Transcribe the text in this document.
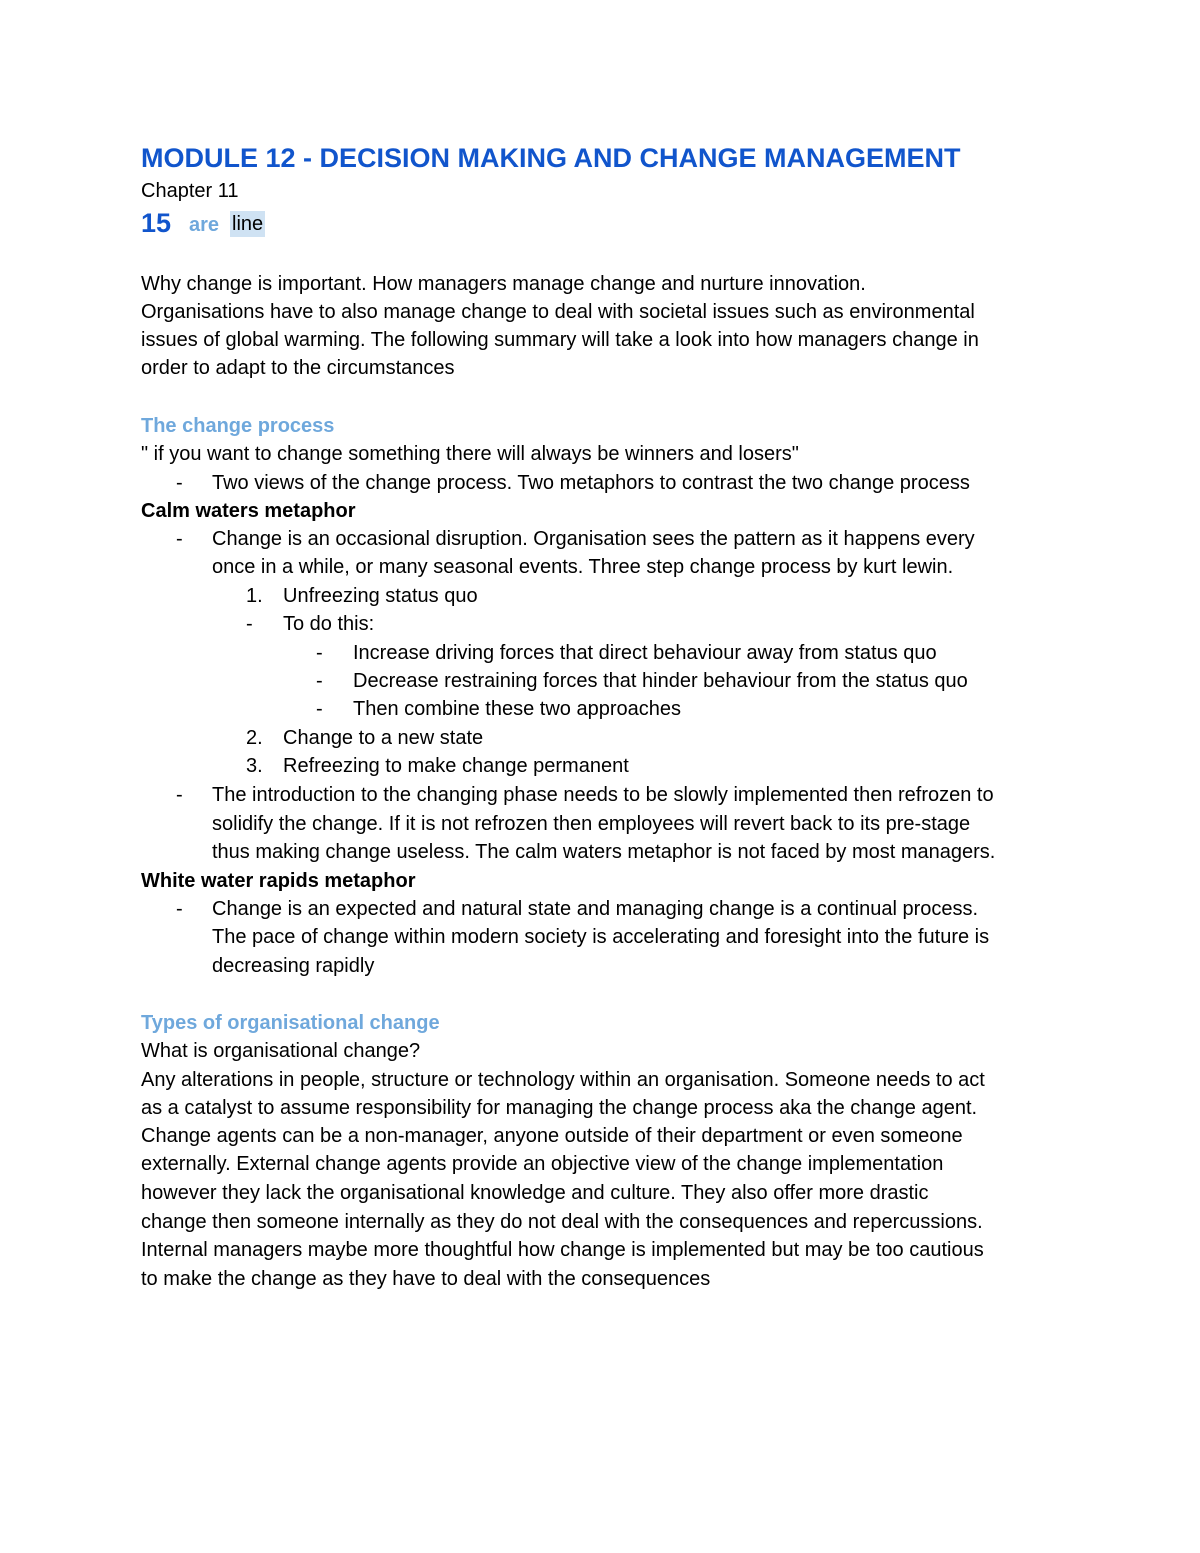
MODULE 12 - DECISION MAKING AND CHANGE MANAGEMENT
Chapter 11
15 are line
Why change is important. How managers manage change and nurture innovation.
Organisations have to also manage change to deal with societal issues such as environmental
issues of global warming. The following summary will take a look into how managers change in
order to adapt to the circumstances
The change process
" if you want to change something there will always be winners and losers"
- Two views of the change process. Two metaphors to contrast the two change process
Calm waters metaphor
- Change is an occasional disruption. Organisation sees the pattern as it happens every
once in a while, or many seasonal events. Three step change process by kurt lewin.
1. Unfreezing status quo
- To do this:
- Increase driving forces that direct behaviour away from status quo
- Decrease restraining forces that hinder behaviour from the status quo
- Then combine these two approaches
2. Change to a new state
3. Refreezing to make change permanent
- The introduction to the changing phase needs to be slowly implemented then refrozen to
solidify the change. If it is not refrozen then employees will revert back to its pre-stage
thus making change useless. The calm waters metaphor is not faced by most managers.
White water rapids metaphor
- Change is an expected and natural state and managing change is a continual process.
The pace of change within modern society is accelerating and foresight into the future is
decreasing rapidly
Types of organisational change
What is organisational change?
Any alterations in people, structure or technology within an organisation. Someone needs to act
as a catalyst to assume responsibility for managing the change process aka the change agent.
Change agents can be a non-manager, anyone outside of their department or even someone
externally. External change agents provide an objective view of the change implementation
however they lack the organisational knowledge and culture. They also offer more drastic
change then someone internally as they do not deal with the consequences and repercussions.
Internal managers maybe more thoughtful how change is implemented but may be too cautious
to make the change as they have to deal with the consequences
